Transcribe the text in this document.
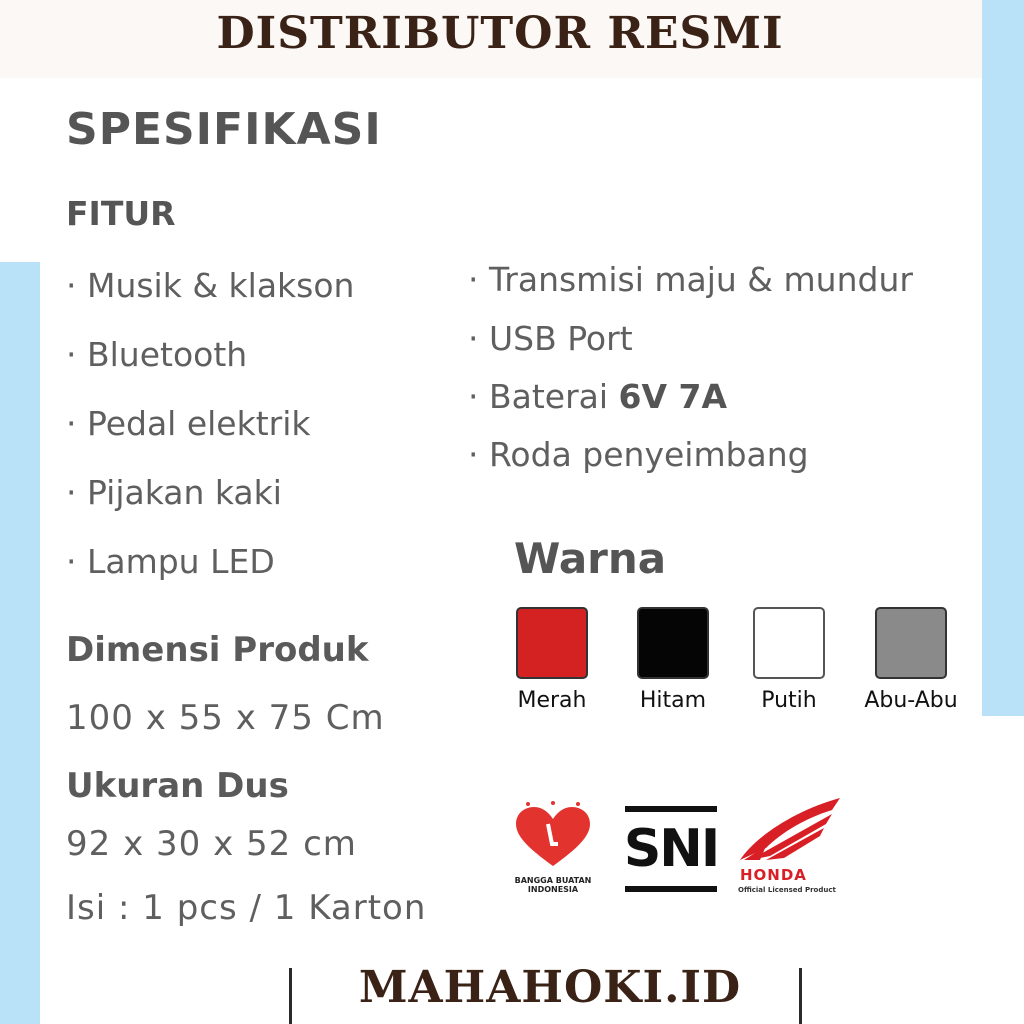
DISTRIBUTOR RESMI
SPESIFIKASI
FITUR
· Musik & klakson
· Bluetooth
· Pedal elektrik
· Pijakan kaki
· Lampu LED
· Transmisi maju & mundur
· USB Port
· Baterai 6V 7A
· Roda penyeimbang
Dimensi Produk
100 x 55 x 75 Cm
Ukuran Dus
92 x 30 x 52 cm
Isi : 1 pcs / 1 Karton
Warna
Merah	Hitam	Putih	Abu-Abu
BANGGA BUATAN INDONESIA
SNI HONDA
Official Licensed Product
MAHAHOKI.ID
